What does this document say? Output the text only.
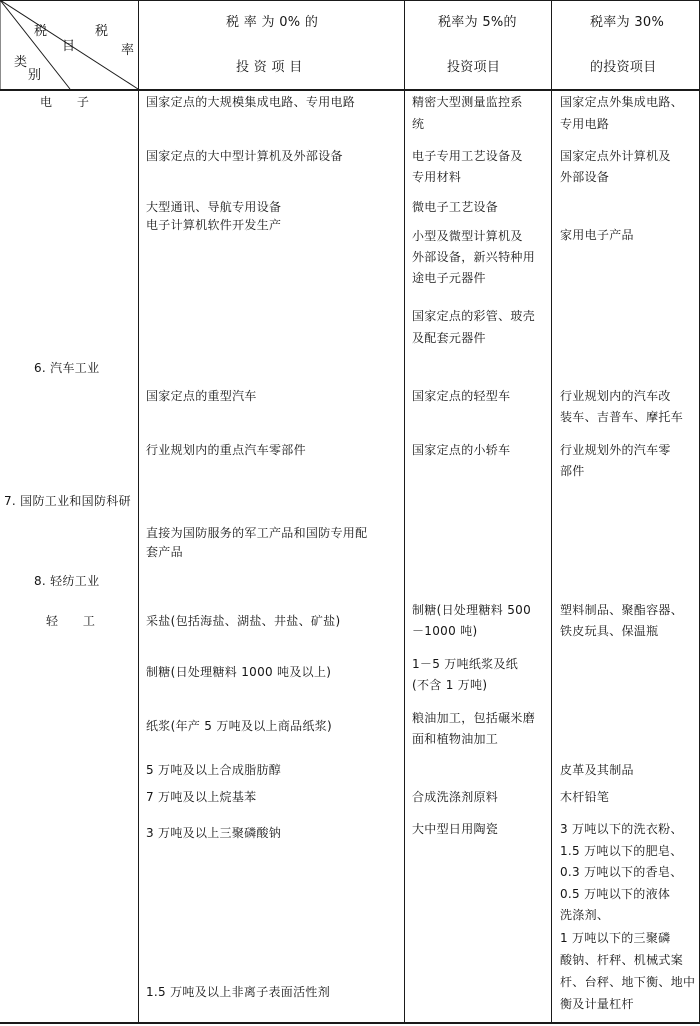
税	税
目	率
类
别
税 率 为 0% 的
投 资 项 目
税率为 5%的
投资项目
税率为 30%
的投资项目
电　　子
6. 汽车工业
7. 国防工业和国防科研
8. 轻纺工业
轻　　工
国家定点的大规模集成电路、专用电路
国家定点的大中型计算机及外部设备
大型通讯、导航专用设备
电子计算机软件开发生产
国家定点的重型汽车
行业规划内的重点汽车零部件
直接为国防服务的军工产品和国防专用配
套产品
采盐(包括海盐、湖盐、井盐、矿盐)
制糖(日处理糖料 1000 吨及以上)
纸浆(年产 5 万吨及以上商品纸浆)
5 万吨及以上合成脂肪醇
7 万吨及以上烷基苯
3 万吨及以上三聚磷酸钠
1.5 万吨及以上非离子表面活性剂
精密大型测量监控系
统
电子专用工艺设备及
专用材料
微电子工艺设备
小型及微型计算机及
外部设备，新兴特种用
途电子元器件
国家定点的彩管、玻壳
及配套元器件
国家定点的轻型车
国家定点的小轿车
制糖(日处理糖料 500
－1000 吨)
1－5 万吨纸浆及纸
(不含 1 万吨)
粮油加工，包括碾米磨
面和植物油加工
合成洗涤剂原料
大中型日用陶瓷
国家定点外集成电路、
专用电路
国家定点外计算机及
外部设备
家用电子产品
行业规划内的汽车改
装车、吉普车、摩托车
行业规划外的汽车零
部件
塑料制品、聚酯容器、
铁皮玩具、保温瓶
皮革及其制品
木杆铅笔
3 万吨以下的洗衣粉、
1.5 万吨以下的肥皂、
0.3 万吨以下的香皂、
0.5 万吨以下的液体
洗涤剂、
1 万吨以下的三聚磷
酸钠、杆秤、机械式案
杆、台秤、地下衡、地中
衡及计量杠杆
